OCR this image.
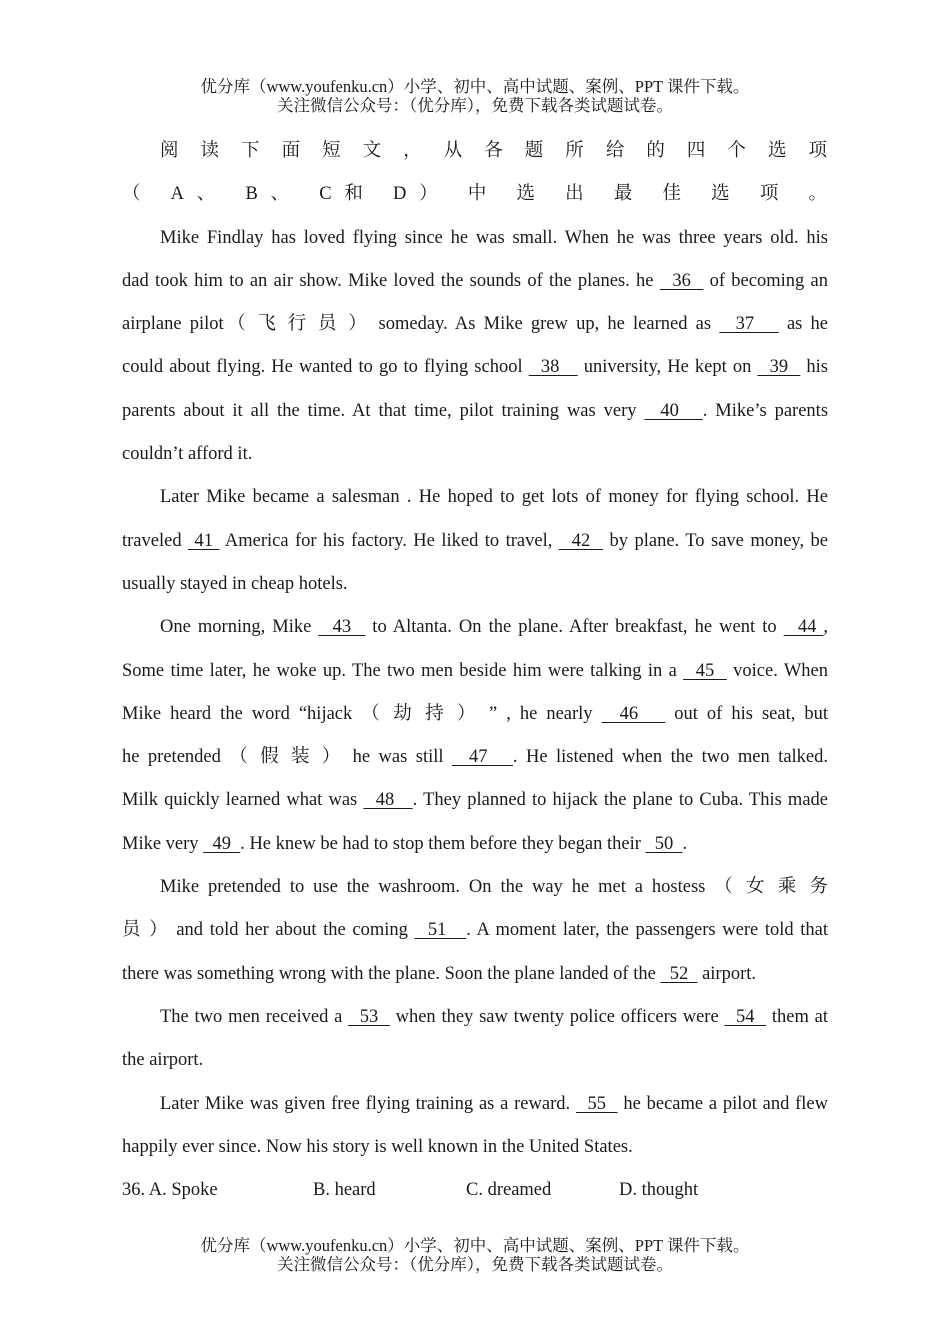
优分库（www.youfenku.cn）小学、初中、高中试题、案例、PPT 课件下载。
关注微信公众号：（优分库），免费下载各类试题试卷。
阅 读 下 面 短 文 ， 从 各 题 所 给 的 四 个 选 项
（ A、 B、 C和 D） 中 选 出 最 佳 选 项 。
Mike Findlay has loved flying since he was small. When he was three years old. his
dad took him to an air show. Mike loved the sounds of the planes. he   36   of becoming an
airplane pilot（ 飞 行 员 ） someday. As Mike grew up, he learned as   37    as he
could about flying. He wanted to go to flying school   38    university, He kept on   39   his
parents about it all the time. At that time, pilot training was very   40   . Mike’s parents
couldn’t afford it.
Later Mike became a salesman . He hoped to get lots of money for flying school. He
traveled  41  America for his factory. He liked to travel,   42   by plane. To save money, be
usually stayed in cheap hotels.
One morning, Mike   43   to Altanta. On the plane. After breakfast, he went to   44 ,
Some time later, he woke up. The two men beside him were talking in a   45   voice. When
Mike heard the word “hijack （ 劫 持 ） ” , he nearly   46    out of his seat, but
he pretended （ 假 装 ） he was still   47   . He listened when the two men talked.
Milk quickly learned what was   48   . They planned to hijack the plane to Cuba. This made
Mike very   49  . He knew be had to stop them before they began their   50  .
Mike pretended to use the washroom. On the way he met a hostess （ 女 乘 务
员 ） and told her about the coming   51   . A moment later, the passengers were told that
there was something wrong with the plane. Soon the plane landed of the   52   airport.
The two men received a   53   when they saw twenty police officers were   54   them at
the airport.
Later Mike was given free flying training as a reward.   55   he became a pilot and flew
happily ever since. Now his story is well known in the United States.
36. A. Spoke	B. heard	C. dreamed	D. thought
优分库（www.youfenku.cn）小学、初中、高中试题、案例、PPT 课件下载。
关注微信公众号：（优分库），免费下载各类试题试卷。
